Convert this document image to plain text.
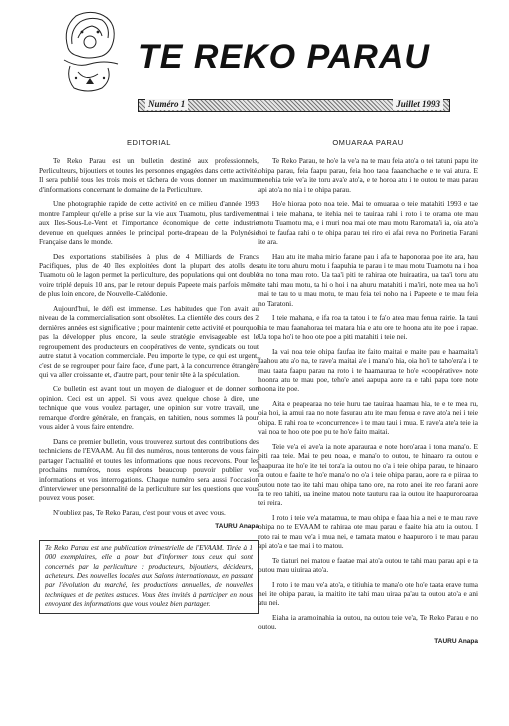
TE REKO PARAU
Numéro 1	Juillet 1993
EDITORIAL

Te Reko Parau est un bulletin destiné aux professionnels, Perliculteurs, bijoutiers et toutes les personnes engagées dans cette activité. Il sera publié tous les trois mois et tâchera de vous donner un maximum d'informations concernant le domaine de la Perliculture.

Une photographie rapide de cette activité en ce milieu d'année 1993 montre l'ampleur qu'elle a prise sur la vie aux Tuamotu, plus tardivement aux Iles-Sous-Le-Vent et l'importance économique de cette industrie devenue en quelques années le principal porte-drapeau de la Polynésie Française dans le monde.

Des exportations stabilisées à plus de 4 Milliards de Francs Pacifiques, plus de 40 îles exploitées dont la plupart des atolls des Tuamotu où le lagon permet la perliculture, des populations qui ont doublé voire triplé depuis 10 ans, par le retour depuis Papeete mais parfois même de plus loin encore, de Nouvelle-Calédonie.

Aujourd'hui, le défi est immense. Les habitudes que l'on avait au niveau de la commercialisation sont obsolètes. La clientèle des cours des 2 dernières années est significative ; pour maintenir cette activité et pourquoi pas la développer plus encore, la seule stratégie envisageable est le regroupement des producteurs en coopératives de vente, syndicats ou tout autre statut à vocation commerciale. Peu importe le type, ce qui est urgent, c'est de se regrouper pour faire face, d'une part, à la concurrence étrangère qui va aller croissante et, d'autre part, pour tenir tête à la spéculation.

Ce bulletin est avant tout un moyen de dialoguer et de donner son opinion. Ceci est un appel. Si vous avez quelque chose à dire, une technique que vous voulez partager, une opinion sur votre travail, une remarque d'ordre générale, en français, en tahitien, nous sommes là pour vous aider à vous faire entendre.

Dans ce premier bulletin, vous trouverez surtout des contributions des techniciens de l'EVAAM. Au fil des numéros, nous tenterons de vous faire partager l'actualité et toutes les informations que nous recevons. Pour les prochains numéros, nous espérons beaucoup pouvoir publier vos informations et vos interrogations. Chaque numéro sera aussi l'occasion d'interviewer une personnalité de la perliculture sur les questions que vous pouvez vous poser.

N'oubliez pas, Te Reko Parau, c'est pour vous et avec vous.

TAURU Anapa
Te Reko Parau est une publication trimestrielle de l'EVAAM. Tirée à 1 000 exemplaires, elle a pour but d'informer tous ceux qui sont concernés par la perliculture : producteurs, bijoutiers, décideurs, acheteurs. Des nouvelles locales aux Salons internationaux, en passant par l'évolution du marché, les productions annuelles, de nouvelles techniques et de petites astuces. Vous êtes invités à participer en nous envoyant des informations que vous voulez bien partager.
OMUARAA PARAU

Te Reko Parau, te ho'e la ve'a na te mau feia ato'a o tei tatuni papu ite ohipa parau, feia faapu parau, feia hoo taoa faaanchache e te vai atura. E nenehia teie ve'a ite toru ava'e ato'a, e te horoa atu i te outou te mau parau api ato'a no nia i te ohipa parau.

Ho'e hioraa poto noa teie. Mai te omuaraa o teie matahiti 1993 e tae mai i teie mahana, te itehia nei te tauiraa rahi i roto i te orama ote mau motu Tuamotu ma, e i muri noa mai ote mau motu Raromata'i ia, oia ato'a hoi te faufaa rahi o te ohipa parau tei riro ei afai reva no Porinetia Farani ite ara.

Hau atu ite maha mirio farane pau i afa te haponoraa poe ite ara, hau atu ite toru ahuru motu i faapuhia te parau i te mau motu Tuamotu na i hoa ra no tona mau roto. Ua taa'i piti te rahiraa ote huiraatira, ua taa'i toru atu ite tahi mau motu, ta hi o hoi i na ahuru matahiti i ma'iri, note mea ua ho'i mai te tau to u mau motu, te mau feia tei noho na i Papeete e te mau feia no Taratoni.

I teie mahana, e ifa roa ta tatou i te fa'o atea mau fenua rairie. Ia taui hia te mau faanahoraa tei matara hia e atu ore te hoona atu ite poe i rapae. Ua topa ho'i te hoo ote poe a piti matahiti i teie nei.

Ia vai noa teie ohipa faufaa ite faito maitai e maite pau e haamaita'i faahou atu a'o na, te rave'a maitai a'e i mana'o hia, oia ho'i te taho'era'a i te mau taata faapu parau na roto i te haamauraa te ho'e «coopérative» note hoonra atu te mau poe, teho'e anei aapupa aore ra e tahi papa tore note hoona ite poe.

Aita e peapearaa no teie huru tae tauiraa haamau hia, te e te mea ru, oia hoi, ia amui raa no note fasurau atu ite mau fenua e rave ato'a nei i teie ohipa. E rahi roa te «concurrence» i te mau taui i mua. E rave'a ate'a teie ia vai noa te hoo ote poe pu te ho'e faito maitai.

Teie ve'a ei ave'a ia note aparauraa e note horo'araa i tona mana'o. E piti raa teie. Mai te peu noaa, e mana'o to outou, te hinaaro ra outou e haapuraa ite ho'e ite tei tora'a ia outou no o'a i teie ohipa parau, te hinaaro ra outou e faaite te ho'e mana'o no o'a i teie ohipa parau, aore ra e piiraa to outou note tao ite tahi mau ohipa tano ore, na roto anei ite reo farani aore ra te reo tahiti, ua ineine matou note tauturu raa ia outou ite haapuroroaraa tei reira.

I roto i teie ve'a matamua, te mau ohipa e faaa hia a nei e te mau rave ohipa no te EVAAM te rahiraa ote mau parau e faaite hia atu ia outou. I roto rai te mau ve'a i mua nei, e tamata matou e haapuroro i te mau parau api ato'a e tae mai i to matou.

Te tiaturi nei matou e faatae mai ato'a outou te tahi mau parau api e ta outou mau uiuiraa ato'a.

I roto i te mau ve'a ato'a, e titiuhia te mana'o ote ho'e taata erave tuma nei ite ohipa parau, ia maitito ite tahi mau uiraa pa'au ta outou ato'a e ani atu nei.

Eiaha ia aramoinahia ia outou, na outou teie ve'a, Te Reko Parau e no outou.

TAURU Anapa
